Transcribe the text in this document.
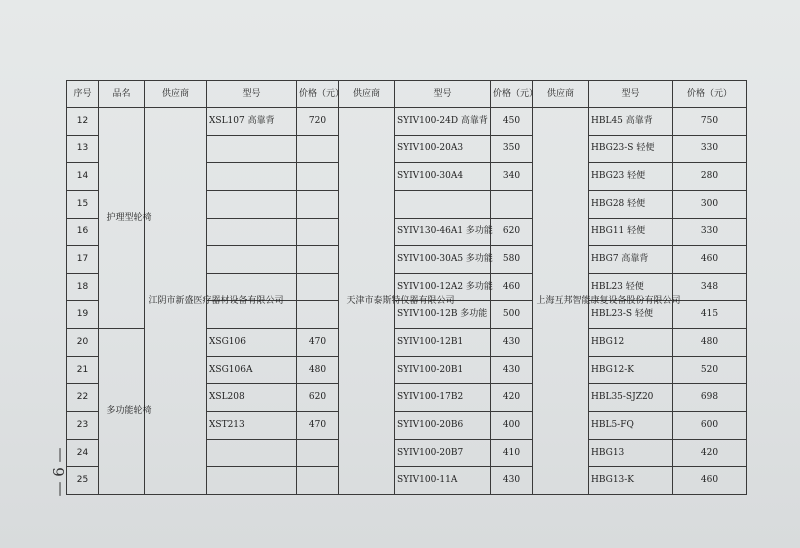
— 6 —
序号	品名	供应商	型号	价格（元）	供应商	型号	价格（元）	供应商	型号	价格（元）
12	护理型轮椅	江阴市新盛医疗器材设备有限公司	XSL107 高靠背	720	天津市泰斯特仪器有限公司	SYIV100-24D 高靠背	450	上海互邦智能康复设备股份有限公司	HBL45 高靠背	750
13						SYIV100-20A3	350		HBG23-S 轻便	330
14						SYIV100-30A4	340		HBG23 轻便	280
15									HBG28 轻便	300
16						SYIV130-46A1 多功能	620		HBG11 轻便	330
17						SYIV100-30A5 多功能	580		HBG7 高靠背	460
18						SYIV100-12A2 多功能	460		HBL23 轻便	348
19						SYIV100-12B 多功能	500		HBL23-S 轻便	415
20	多功能轮椅		XSG106	470		SYIV100-12B1	430		HBG12	480
21			XSG106A	480		SYIV100-20B1	430		HBG12-K	520
22			XSL208	620		SYIV100-17B2	420		HBL35-SJZ20	698
23			XST213	470		SYIV100-20B6	400		HBL5-FQ	600
24						SYIV100-20B7	410		HBG13	420
25						SYIV100-11A	430		HBG13-K	460
